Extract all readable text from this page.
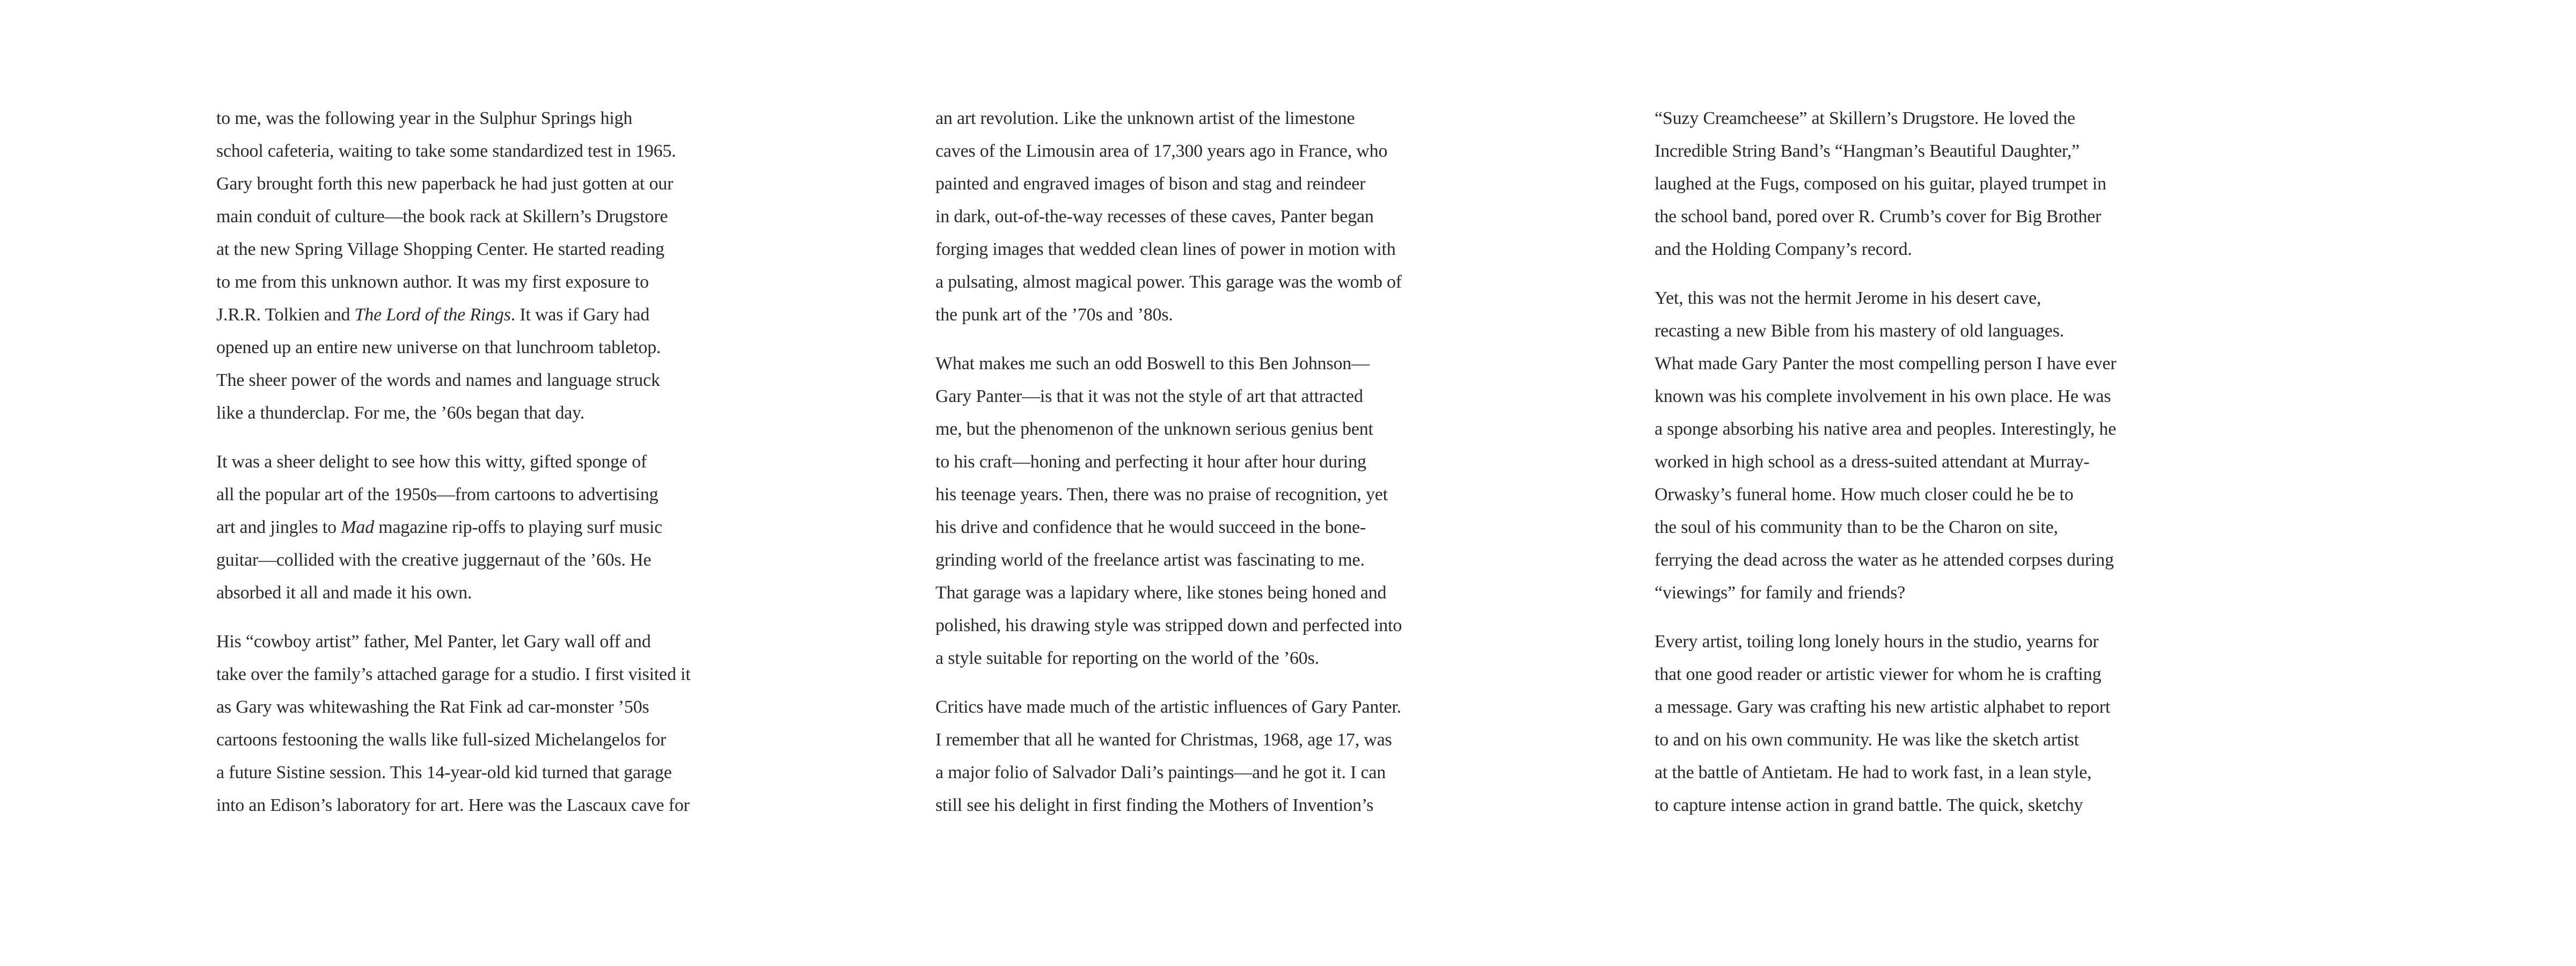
to me, was the following year in the Sulphur Springs high
school cafeteria, waiting to take some standardized test in 1965.
Gary brought forth this new paperback he had just gotten at our
main conduit of culture—the book rack at Skillern’s Drugstore
at the new Spring Village Shopping Center. He started reading
to me from this unknown author. It was my first exposure to
J.R.R. Tolkien and The Lord of the Rings. It was if Gary had
opened up an entire new universe on that lunchroom tabletop.
The sheer power of the words and names and language struck
like a thunderclap. For me, the ’60s began that day.
It was a sheer delight to see how this witty, gifted sponge of
all the popular art of the 1950s—from cartoons to advertising
art and jingles to Mad magazine rip-offs to playing surf music
guitar—collided with the creative juggernaut of the ’60s. He
absorbed it all and made it his own.
His “cowboy artist” father, Mel Panter, let Gary wall off and
take over the family’s attached garage for a studio. I first visited it
as Gary was whitewashing the Rat Fink ad car-monster ’50s
cartoons festooning the walls like full-sized Michelangelos for
a future Sistine session. This 14-year-old kid turned that garage
into an Edison’s laboratory for art. Here was the Lascaux cave for
an art revolution. Like the unknown artist of the limestone
caves of the Limousin area of 17,300 years ago in France, who
painted and engraved images of bison and stag and reindeer
in dark, out-of-the-way recesses of these caves, Panter began
forging images that wedded clean lines of power in motion with
a pulsating, almost magical power. This garage was the womb of
the punk art of the ’70s and ’80s.
What makes me such an odd Boswell to this Ben Johnson—
Gary Panter—is that it was not the style of art that attracted
me, but the phenomenon of the unknown serious genius bent
to his craft—honing and perfecting it hour after hour during
his teenage years. Then, there was no praise of recognition, yet
his drive and confidence that he would succeed in the bone-
grinding world of the freelance artist was fascinating to me.
That garage was a lapidary where, like stones being honed and
polished, his drawing style was stripped down and perfected into
a style suitable for reporting on the world of the ’60s.
Critics have made much of the artistic influences of Gary Panter.
I remember that all he wanted for Christmas, 1968, age 17, was
a major folio of Salvador Dali’s paintings—and he got it. I can
still see his delight in first finding the Mothers of Invention’s
“Suzy Creamcheese” at Skillern’s Drugstore. He loved the
Incredible String Band’s “Hangman’s Beautiful Daughter,”
laughed at the Fugs, composed on his guitar, played trumpet in
the school band, pored over R. Crumb’s cover for Big Brother
and the Holding Company’s record.
Yet, this was not the hermit Jerome in his desert cave,
recasting a new Bible from his mastery of old languages.
What made Gary Panter the most compelling person I have ever
known was his complete involvement in his own place. He was
a sponge absorbing his native area and peoples. Interestingly, he
worked in high school as a dress-suited attendant at Murray-
Orwasky’s funeral home. How much closer could he be to
the soul of his community than to be the Charon on site,
ferrying the dead across the water as he attended corpses during
“viewings” for family and friends?
Every artist, toiling long lonely hours in the studio, yearns for
that one good reader or artistic viewer for whom he is crafting
a message. Gary was crafting his new artistic alphabet to report
to and on his own community. He was like the sketch artist
at the battle of Antietam. He had to work fast, in a lean style,
to capture intense action in grand battle. The quick, sketchy
